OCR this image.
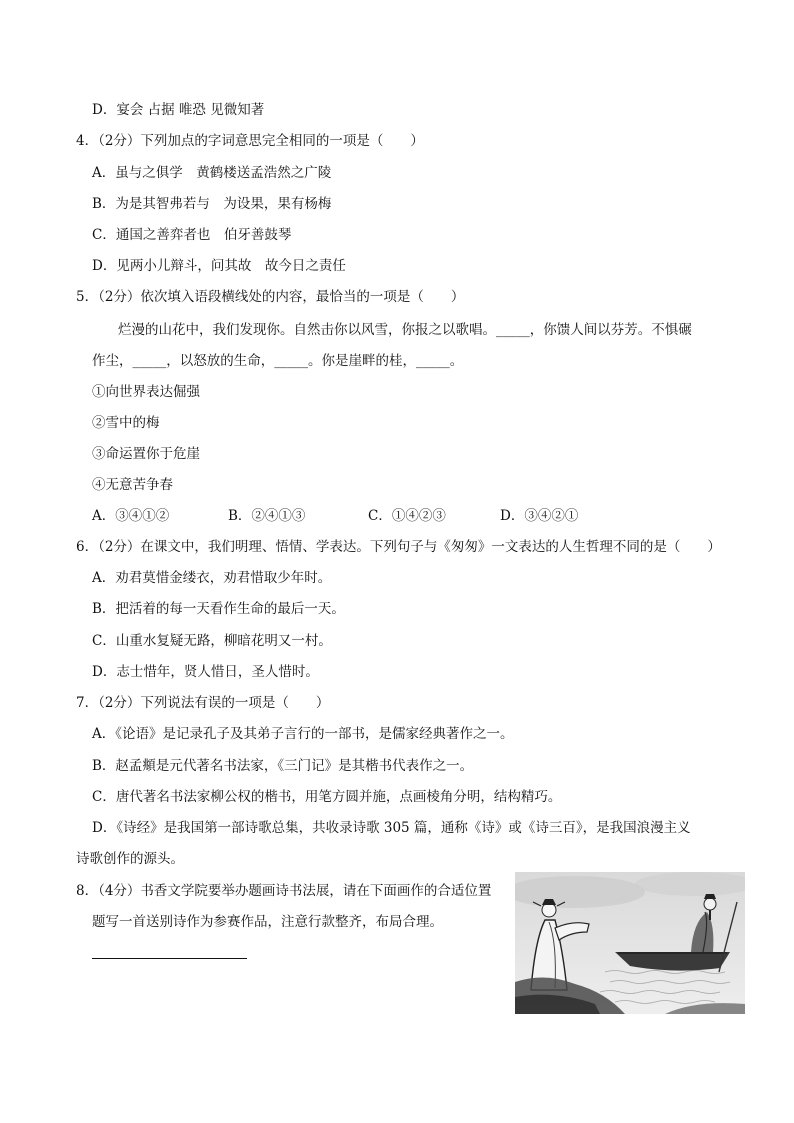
D．宴会 占据 唯恐 见微知著
4．（2分）下列加点的字词意思完全相同的一项是（　　）
A．虽与之俱学　黄鹤楼送孟浩然之广陵
B．为是其智弗若与　为设果，果有杨梅
C．通国之善弈者也　伯牙善鼓琴
D．见两小儿辩斗，问其故　故今日之责任
5．（2分）依次填入语段横线处的内容，最恰当的一项是（　　）
烂漫的山花中，我们发现你。自然击你以风雪，你报之以歌唱。_____，你馈人间以芬芳。不惧碾
作尘，_____，以怒放的生命，_____。你是崖畔的桂，_____。
①向世界表达倔强
②雪中的梅
③命运置你于危崖
④无意苦争春
A．③④①②	B．②④①③	C．①④②③	D．③④②①
6．（2分）在课文中，我们明理、悟情、学表达。下列句子与《匆匆》一文表达的人生哲理不同的是（　　）
A．劝君莫惜金缕衣，劝君惜取少年时。
B．把活着的每一天看作生命的最后一天。
C．山重水复疑无路，柳暗花明又一村。
D．志士惜年，贤人惜日，圣人惜时。
7．（2分）下列说法有误的一项是（　　）
A．《论语》是记录孔子及其弟子言行的一部书，是儒家经典著作之一。
B．赵孟頫是元代著名书法家，《三门记》是其楷书代表作之一。
C．唐代著名书法家柳公权的楷书，用笔方圆并施，点画棱角分明，结构精巧。
D．《诗经》是我国第一部诗歌总集，共收录诗歌 305 篇，通称《诗》或《诗三百》，是我国浪漫主义
诗歌创作的源头。
8．（4分）书香文学院要举办题画诗书法展，请在下面画作的合适位置
题写一首送别诗作为参赛作品，注意行款整齐，布局合理。
